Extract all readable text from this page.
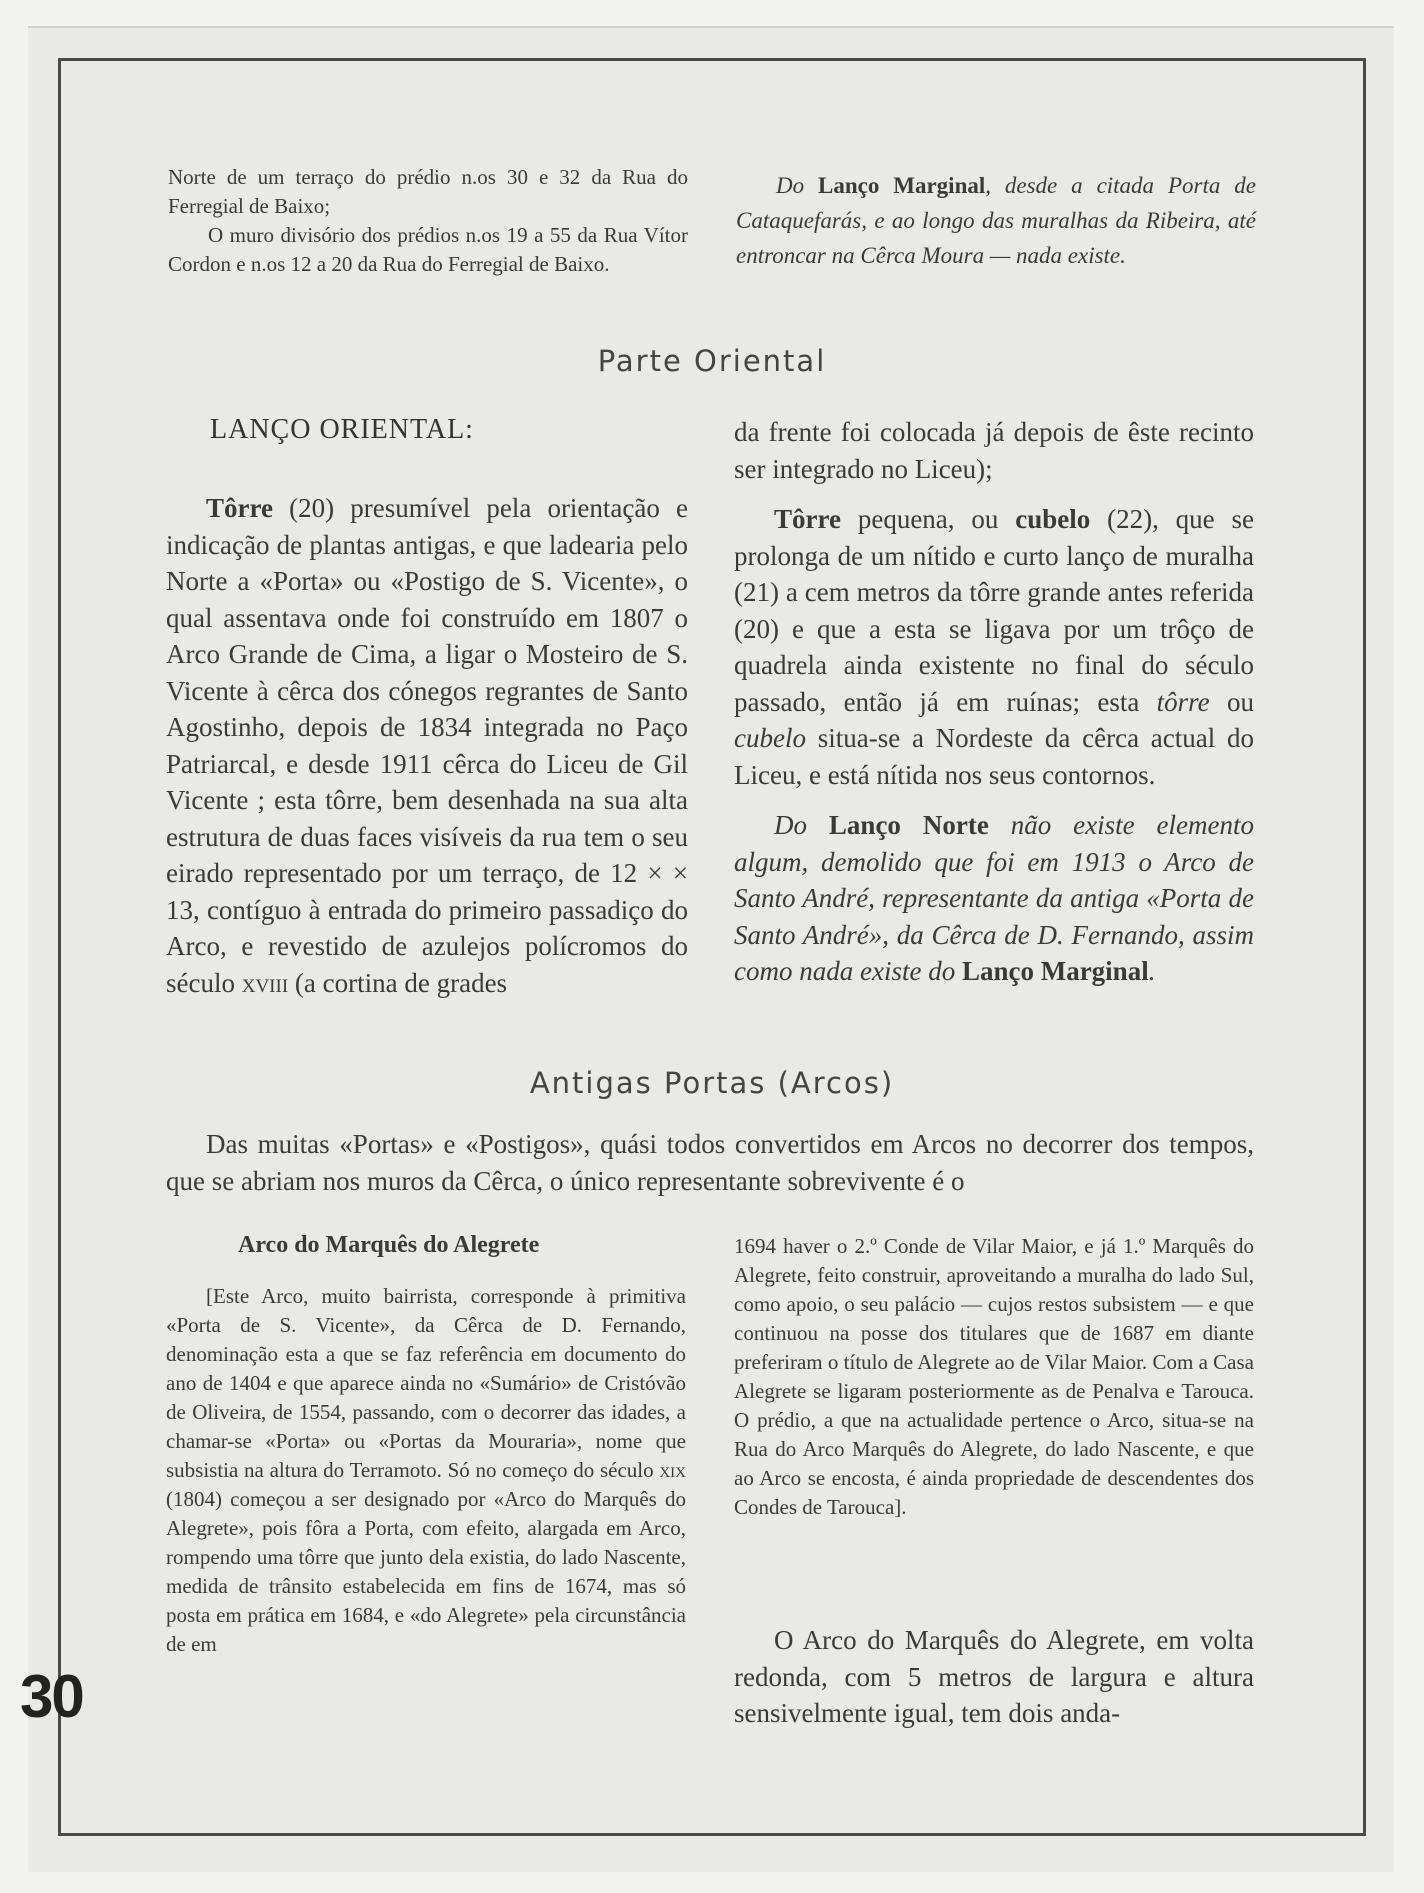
Norte de um terraço do prédio n.os 30 e 32 da Rua do Ferregial de Baixo;

O muro divisório dos prédios n.os 19 a 55 da Rua Vítor Cordon e n.os 12 a 20 da Rua do Ferregial de Baixo.

Do Lanço Marginal, desde a citada Porta de Cataquefarás, e ao longo das muralhas da Ribeira, até entroncar na Cêrca Moura — nada existe.

Parte Oriental
LANÇO ORIENTAL:

Tôrre (20) presumível pela orientação e indicação de plantas antigas, e que ladearia pelo Norte a «Porta» ou «Postigo de S. Vicente», o qual assentava onde foi construído em 1807 o Arco Grande de Cima, a ligar o Mosteiro de S. Vicente à cêrca dos cónegos regrantes de Santo Agostinho, depois de 1834 integrada no Paço Patriarcal, e desde 1911 cêrca do Liceu de Gil Vicente ; esta tôrre, bem desenhada na sua alta estrutura de duas faces visíveis da rua tem o seu eirado representado por um terraço, de 12 × × 13, contíguo à entrada do primeiro passadiço do Arco, e revestido de azulejos polícromos do século xviii (a cortina de grades

da frente foi colocada já depois de êste recinto ser integrado no Liceu);

Tôrre pequena, ou cubelo (22), que se prolonga de um nítido e curto lanço de muralha (21) a cem metros da tôrre grande antes referida (20) e que a esta se ligava por um trôço de quadrela ainda existente no final do século passado, então já em ruínas; esta tôrre ou cubelo situa-se a Nordeste da cêrca actual do Liceu, e está nítida nos seus contornos.

Do Lanço Norte não existe elemento algum, demolido que foi em 1913 o Arco de Santo André, representante da antiga «Porta de Santo André», da Cêrca de D. Fernando, assim como nada existe do Lanço Marginal.

Antigas Portas (Arcos)

Das muitas «Portas» e «Postigos», quási todos convertidos em Arcos no decorrer dos tempos, que se abriam nos muros da Cêrca, o único representante sobrevivente é o

Arco do Marquês do Alegrete

[Este Arco, muito bairrista, corresponde à primitiva «Porta de S. Vicente», da Cêrca de D. Fernando, denominação esta a que se faz referência em documento do ano de 1404 e que aparece ainda no «Sumário» de Cristóvão de Oliveira, de 1554, passando, com o decorrer das idades, a chamar-se «Porta» ou «Portas da Mouraria», nome que subsistia na altura do Terramoto. Só no começo do século xix (1804) começou a ser designado por «Arco do Marquês do Alegrete», pois fôra a Porta, com efeito, alargada em Arco, rompendo uma tôrre que junto dela existia, do lado Nascente, medida de trânsito estabelecida em fins de 1674, mas só posta em prática em 1684, e «do Alegrete» pela circunstância de em

1694 haver o 2.º Conde de Vilar Maior, e já 1.º Marquês do Alegrete, feito construir, aproveitando a muralha do lado Sul, como apoio, o seu palácio — cujos restos subsistem — e que continuou na posse dos titulares que de 1687 em diante preferiram o título de Alegrete ao de Vilar Maior. Com a Casa Alegrete se ligaram posteriormente as de Penalva e Tarouca. O prédio, a que na actualidade pertence o Arco, situa-se na Rua do Arco Marquês do Alegrete, do lado Nascente, e que ao Arco se encosta, é ainda propriedade de descendentes dos Condes de Tarouca].

O Arco do Marquês do Alegrete, em volta redonda, com 5 metros de largura e altura sensivelmente igual, tem dois anda-

30
